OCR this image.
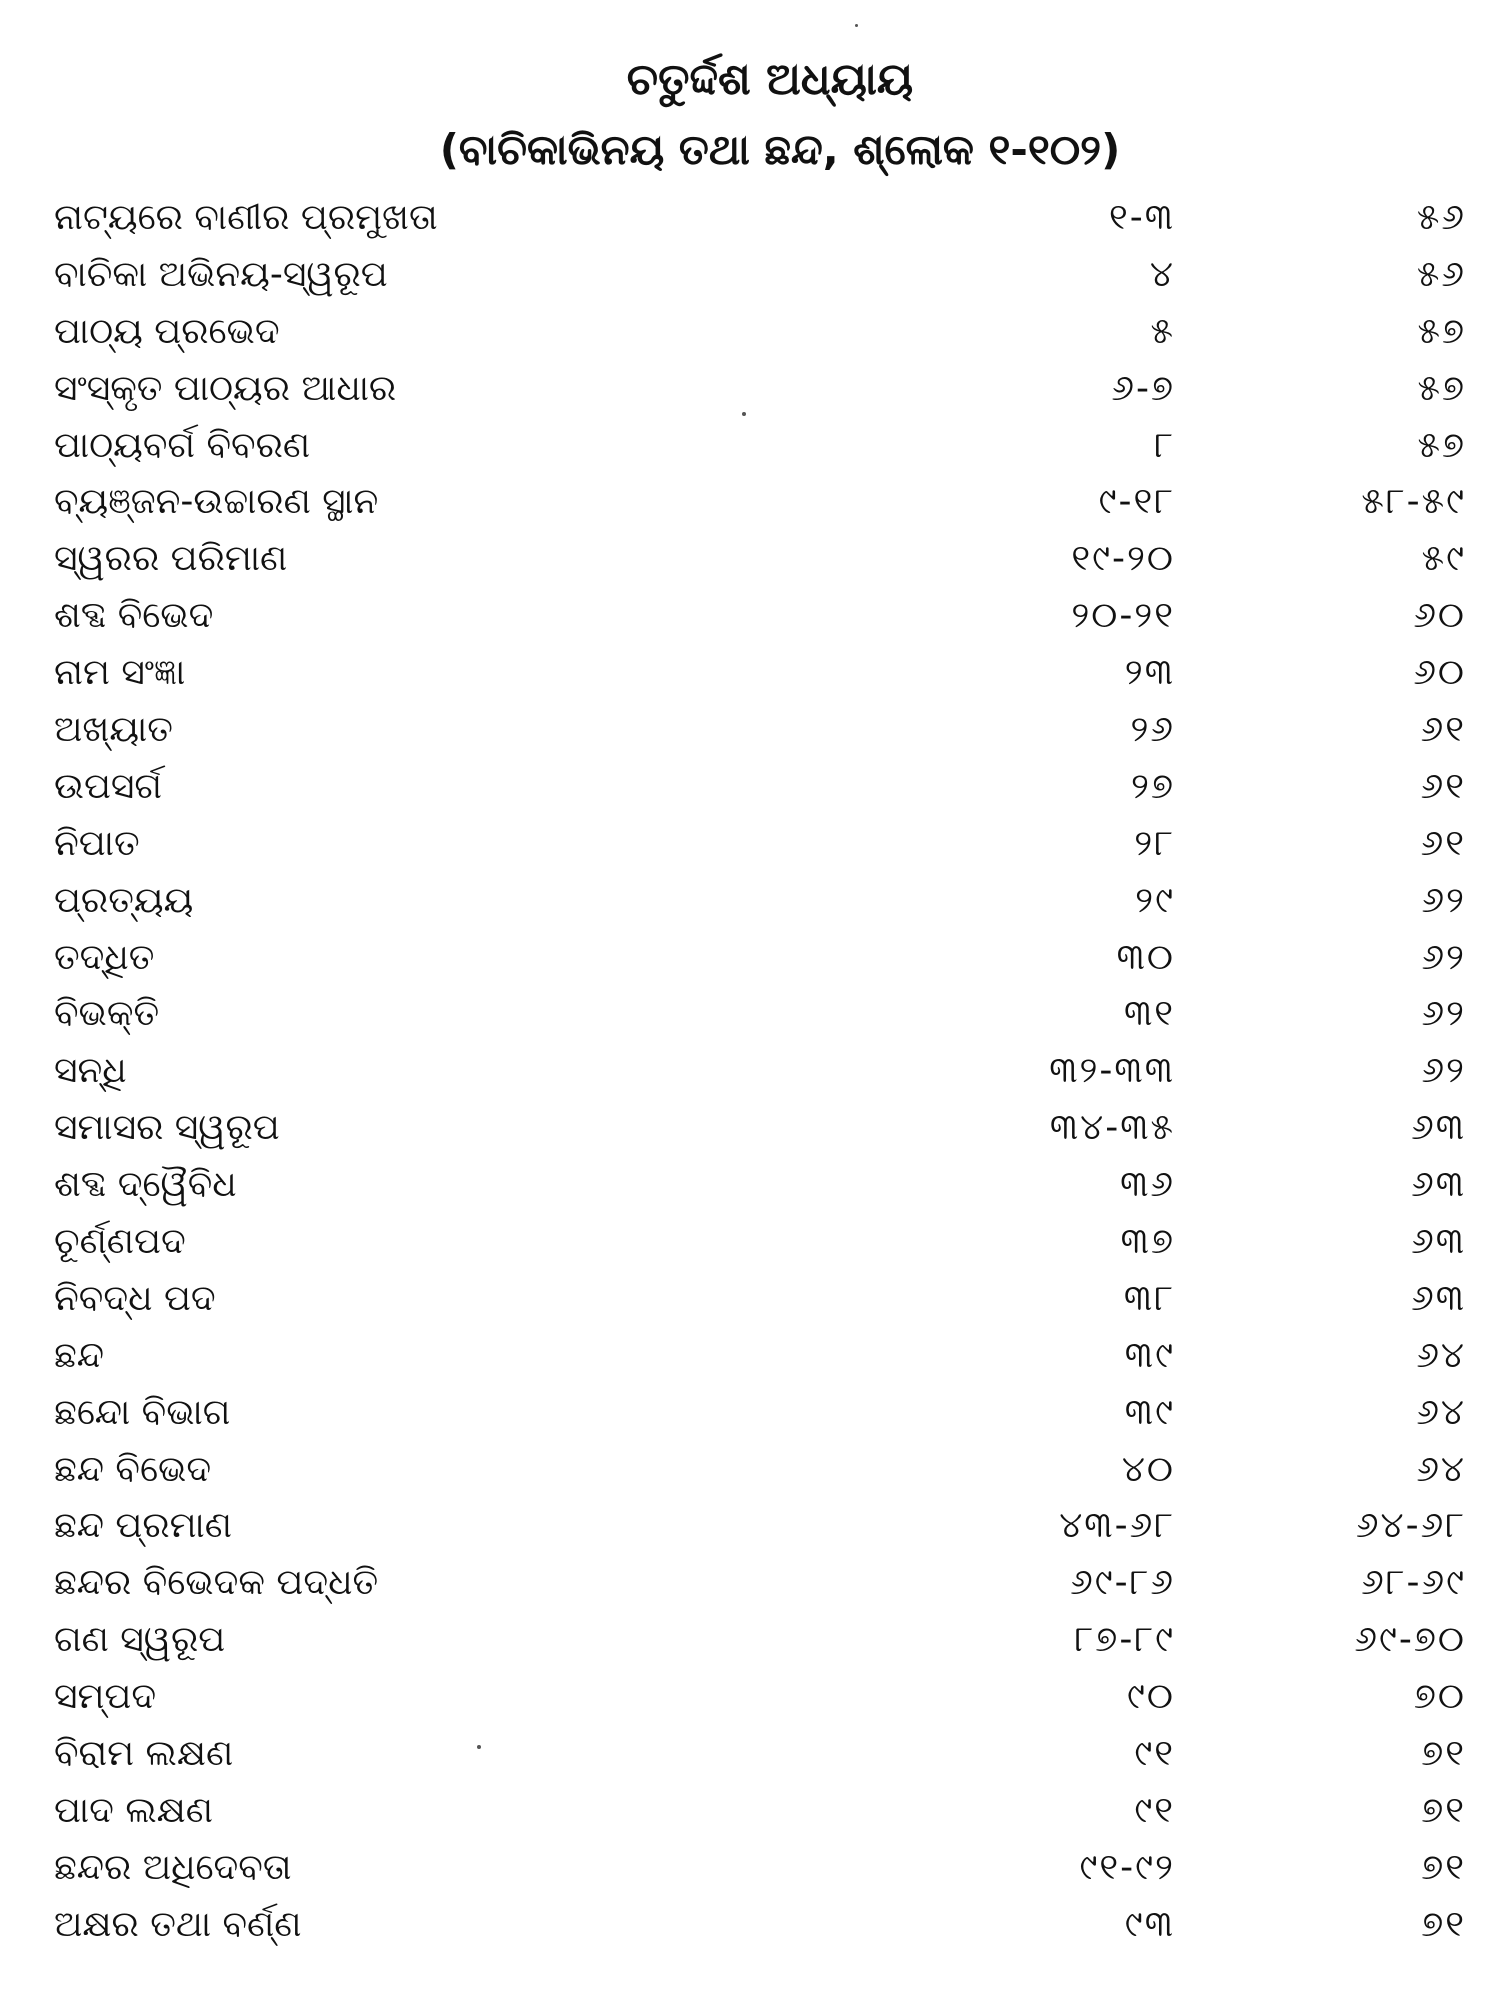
ଚତୁର୍ଦ୍ଦଶ ଅଧ୍ୟାୟ
(ବାଚିକାଭିନୟ ତଥା ଛନ୍ଦ, ଶ୍ଲୋକ ୧-୧୦୨)
ନାଟ୍ୟରେ ବାଣୀର ପ୍ରମୁଖତା	୧-୩	୫୬
ବାଚିକା ଅଭିନୟ-ସ୍ୱରୂପ	୪	୫୬
ପାଠ୍ୟ ପ୍ରଭେଦ	୫	୫୭
ସଂସ୍କୃତ ପାଠ୍ୟର ଆଧାର	୬-୭	୫୭
ପାଠ୍ୟବର୍ଗ ବିବରଣ	୮	୫୭
ବ୍ୟଞ୍ଜନ-ଉଚ୍ଚାରଣ ସ୍ଥାନ	୯-୧୮	୫୮-୫୯
ସ୍ୱରର ପରିମାଣ	୧୯-୨୦	୫୯
ଶବ୍ଦ ବିଭେଦ	୨୦-୨୧	୬୦
ନାମ ସଂଜ୍ଞା	୨୩	୬୦
ଅଖ୍ୟାତ	୨୬	୬୧
ଉପସର୍ଗ	୨୭	୬୧
ନିପାତ	୨୮	୬୧
ପ୍ରତ୍ୟୟ	୨୯	୬୨
ତଦ୍ଧିତ	୩୦	୬୨
ବିଭକ୍ତି	୩୧	୬୨
ସନ୍ଧି	୩୨-୩୩	୬୨
ସମାସର ସ୍ୱରୂପ	୩୪-୩୫	୬୩
ଶବ୍ଦ ଦ୍ୱୈବିଧ	୩୬	୬୩
ଚୂର୍ଣ୍ଣପଦ	୩୭	୬୩
ନିବଦ୍ଧ ପଦ	୩୮	୬୩
ଛନ୍ଦ	୩୯	୬୪
ଛନ୍ଦୋ ବିଭାଗ	୩୯	୬୪
ଛନ୍ଦ ବିଭେଦ	୪୦	୬୪
ଛନ୍ଦ ପ୍ରମାଣ	୪୩-୬୮	୬୪-୬୮
ଛନ୍ଦର ବିଭେଦକ ପଦ୍ଧତି	୬୯-୮୬	୬୮-୬୯
ଗଣ ସ୍ୱରୂପ	୮୭-୮୯	୬୯-୭୦
ସମ୍ପଦ	୯୦	୭୦
ବିରାମ ଲକ୍ଷଣ	୯୧	୭୧
ପାଦ ଲକ୍ଷଣ	୯୧	୭୧
ଛନ୍ଦର ଅଧିଦେବତା	୯୧-୯୨	୭୧
ଅକ୍ଷର ତଥା ବର୍ଣ୍ଣ	୯୩	୭୧
